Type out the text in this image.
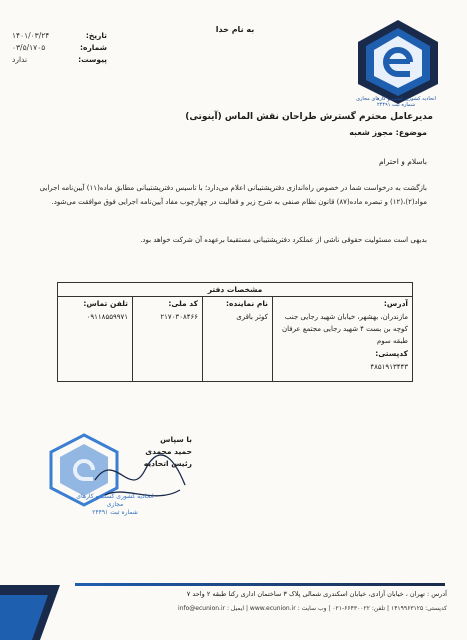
به نام خدا
تاریخ:
۱۴۰۱/۰۳/۲۴
شماره:
۰۳/۵/۱۷۰۵
پیوست:
ندارد
اتحادیه کشوری کسب و کارهای مجازی
شماره ثبت ۲۴۴۹۱
مدیرعامل محترم گسترش طراحان نقش الماس (آینوتی)
موضوع: مجوز شعبه
باسلام و احترام
بازگشت به درخواست شما در خصوص راه‌اندازی دفترپشتیبانی اعلام می‌دارد؛ با تاسیس دفترپشتیبانی مطابق ماده(۱۱) آیین‌نامه اجرایی مواد(۲)،(۱۲) و تبصره ماده(۸۷) قانون نظام صنفی به شرح زیر و فعالیت در چهارچوب مفاد آیین‌نامه اجرایی فوق موافقت می‌شود.
بدیهی است مسئولیت حقوقی ناشی از عملکرد دفترپشتیبانی مستقیما برعهده آن شرکت خواهد بود.
مشخصات دفتر
آدرس:
مازندران، بهشهر، خیابان شهید رجایی جنب کوچه بن بست ۴ شهید رجایی مجتمع عرفان طبقه سوم
کدپستی:
۴۸۵۱۹۱۳۴۴۳
نام نماینده:
کوثر باقری
کد ملی:
۲۱۷۰۳۰۸۴۶۶
تلفن تماس:
۰۹۱۱۸۵۵۹۹۷۱
با سپاس
حمید محمدی
رئیس اتحادیه
اتحادیه کشوری کسب و کارهای مجازی
شماره ثبت ۲۴۴۹۱
آدرس : تهران ، خیابان آزادی، خیابان اسکندری شمالی پلاک ۳ ساختمان اداری رکنا طبقه ۲ واحد ۷
کدپستی: ۱۴۱۹۹۶۳۱۲۵ | تلفن: ۶۶۴۳۰۰۲۲-۰۲۱ | وب سایت : www.ecunion.ir | ایمیل : info@ecunion.ir
